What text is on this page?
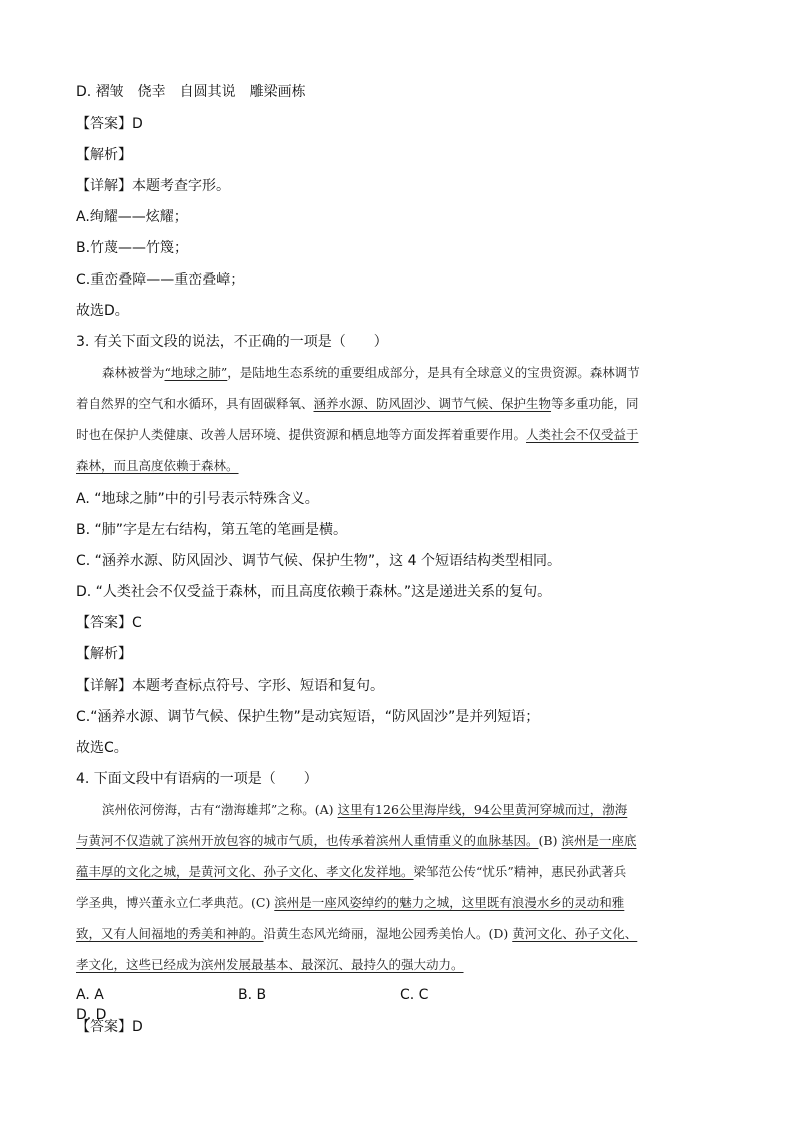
D. 褶皱　侥幸　自圆其说　雕梁画栋
【答案】D
【解析】
【详解】本题考查字形。
A.绚耀——炫耀；
B.竹蔑——竹篾；
C.重峦叠障——重峦叠嶂；
故选D。
3. 有关下面文段的说法，不正确的一项是（　　）

森林被誉为“地球之肺”，是陆地生态系统的重要组成部分，是具有全球意义的宝贵资源。森林调节

着自然界的空气和水循环，具有固碳释氧、涵养水源、防风固沙、调节气候、保护生物等多重功能，同

时也在保护人类健康、改善人居环境、提供资源和栖息地等方面发挥着重要作用。人类社会不仅受益于

森林，而且高度依赖于森林。

A. “地球之肺”中的引号表示特殊含义。
B. “肺”字是左右结构，第五笔的笔画是横。
C. “涵养水源、防风固沙、调节气候、保护生物”，这 4 个短语结构类型相同。
D. “人类社会不仅受益于森林，而且高度依赖于森林。”这是递进关系的复句。
【答案】C
【解析】
【详解】本题考查标点符号、字形、短语和复句。
C.“涵养水源、调节气候、保护生物”是动宾短语，“防风固沙”是并列短语；
故选C。
4. 下面文段中有语病的一项是（　　）

滨州依河傍海，古有“渤海雄邦”之称。(A) 这里有126公里海岸线，94公里黄河穿城而过，渤海

与黄河不仅造就了滨州开放包容的城市气质，也传承着滨州人重情重义的血脉基因。(B) 滨州是一座底

蕴丰厚的文化之城，是黄河文化、孙子文化、孝文化发祥地。梁邹范公传“忧乐”精神，惠民孙武著兵

学圣典，博兴董永立仁孝典范。(C) 滨州是一座风姿绰约的魅力之城，这里既有浪漫水乡的灵动和雅

致，又有人间福地的秀美和神韵。沿黄生态风光绮丽，湿地公园秀美怡人。(D) 黄河文化、孙子文化、

孝文化，这些已经成为滨州发展最基本、最深沉、最持久的强大动力。

A. A	B. B	C. CD. D
【答案】D
